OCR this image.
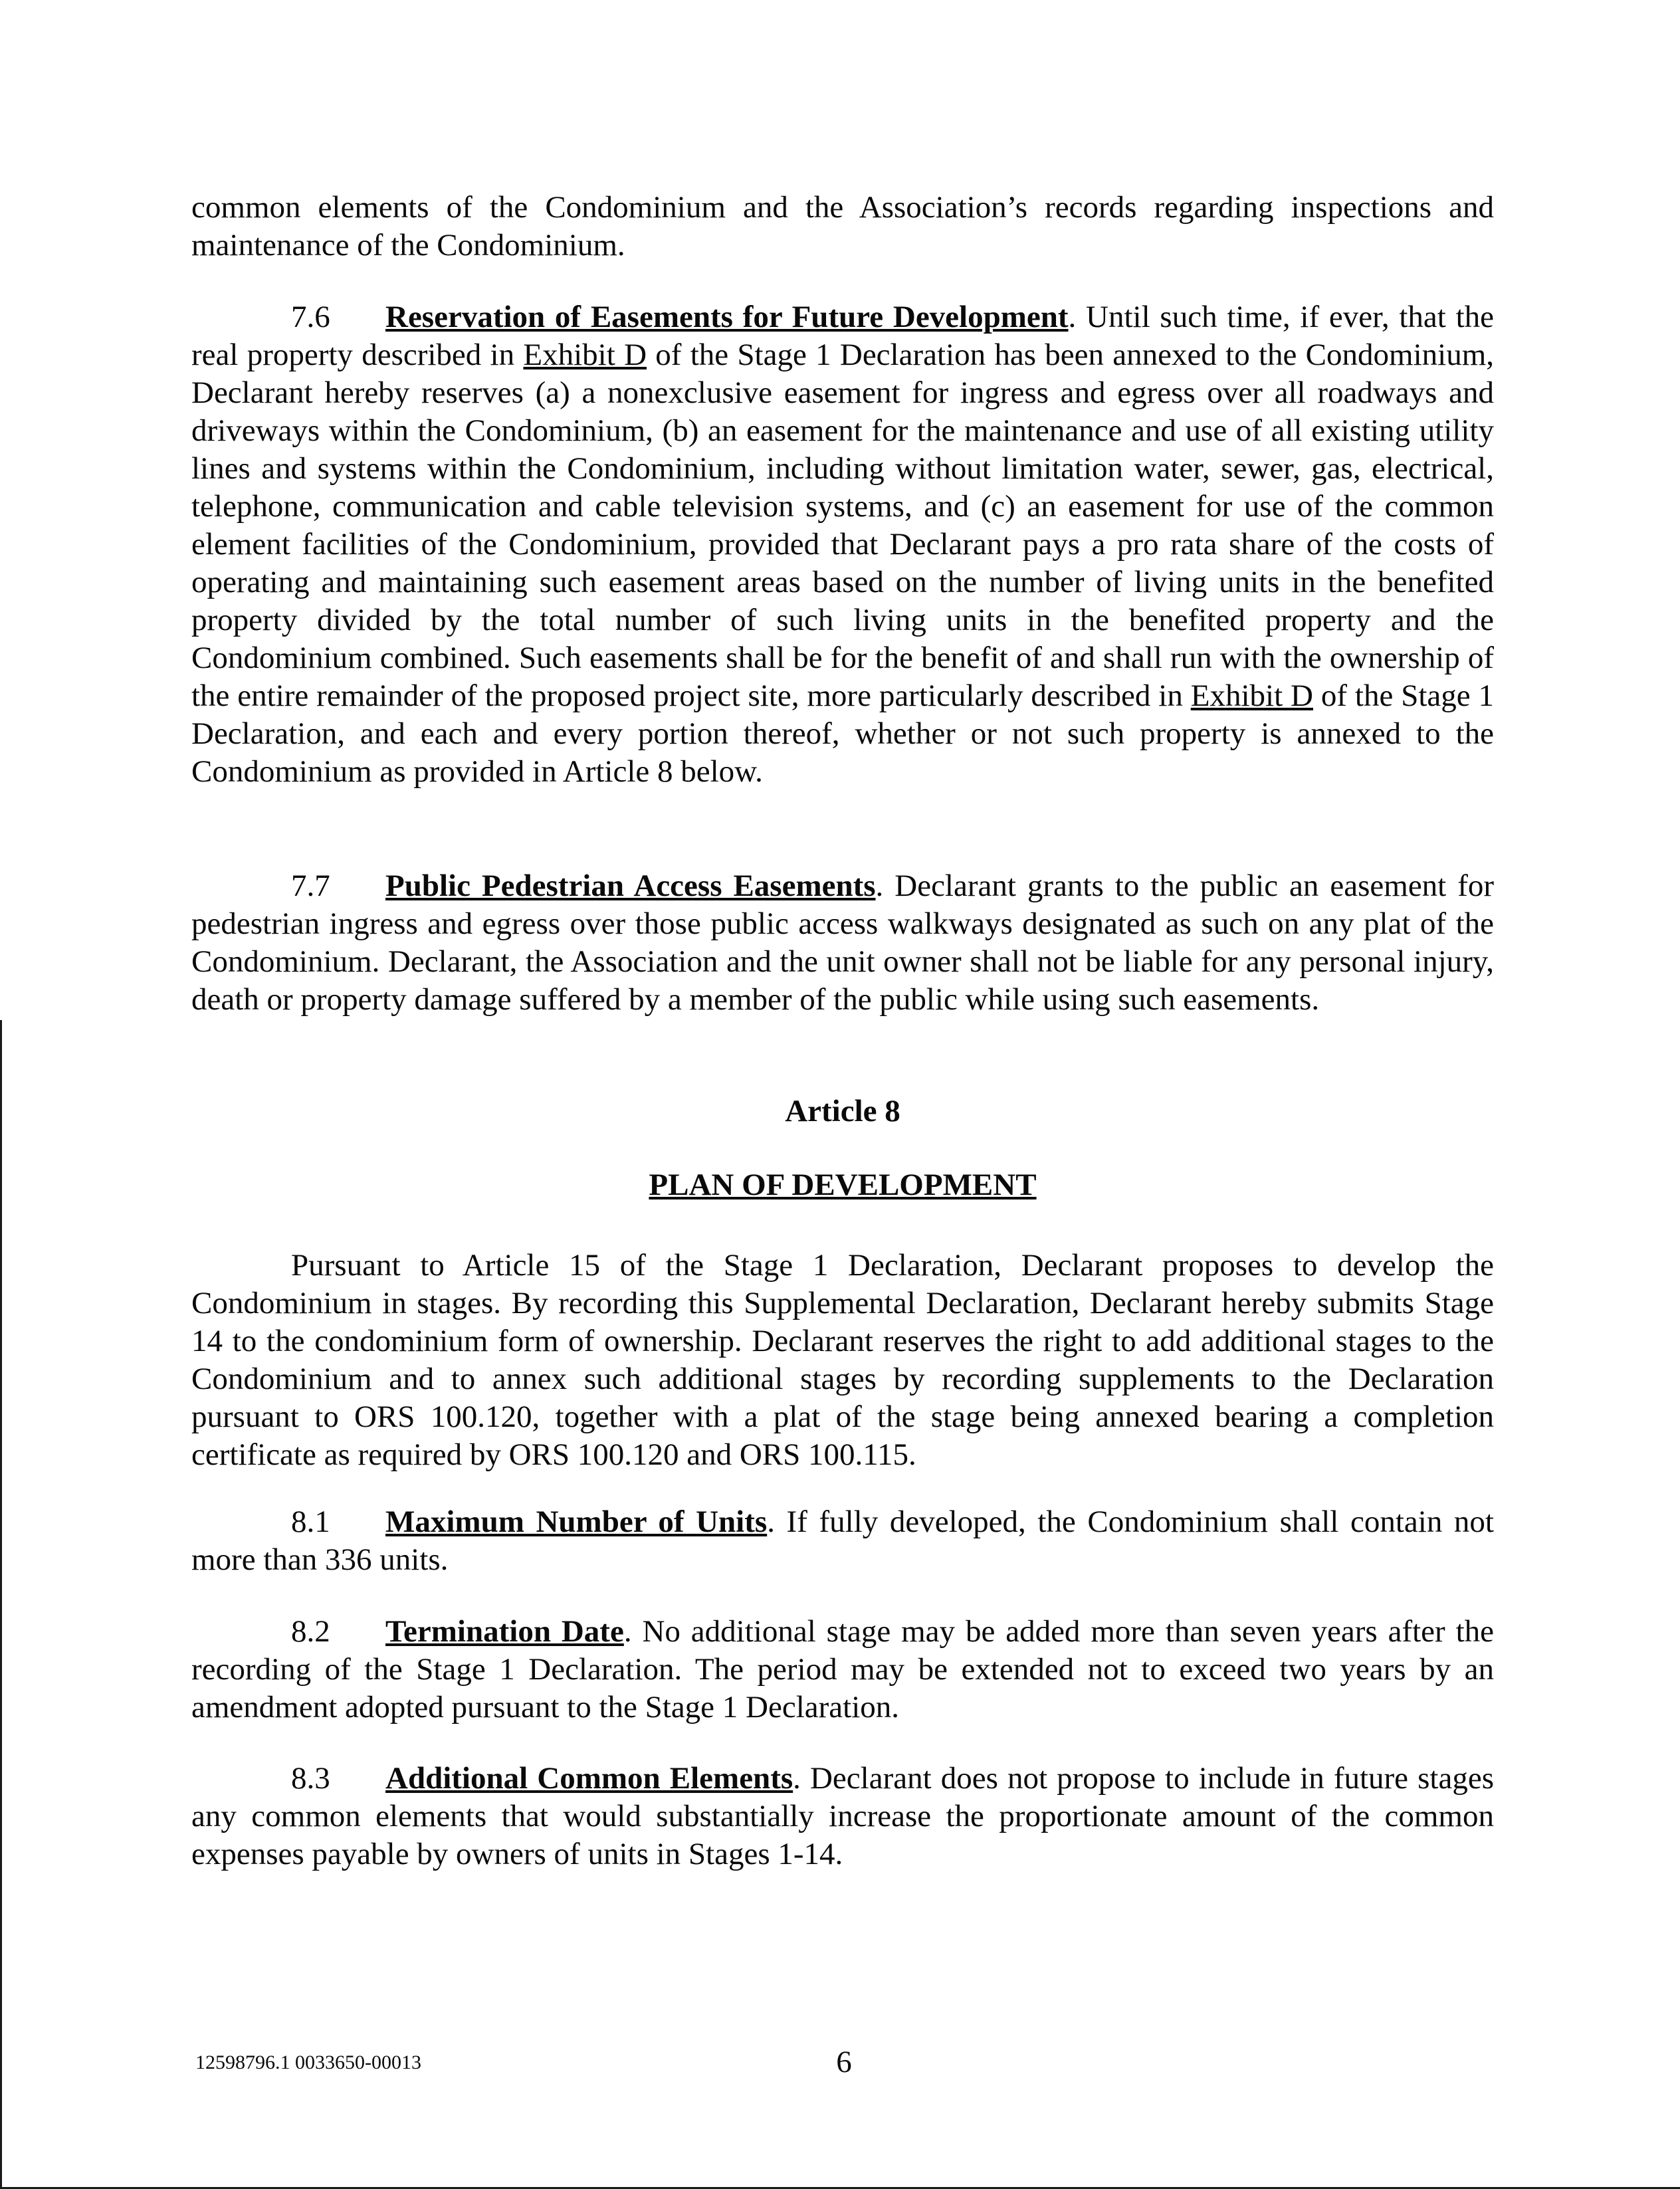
common elements of the Condominium and the Association’s records regarding inspections and maintenance of the Condominium.

7.6 Reservation of Easements for Future Development. Until such time, if ever, that the real property described in Exhibit D of the Stage 1 Declaration has been annexed to the Condominium, Declarant hereby reserves (a) a nonexclusive easement for ingress and egress over all roadways and driveways within the Condominium, (b) an easement for the maintenance and use of all existing utility lines and systems within the Condominium, including without limitation water, sewer, gas, electrical, telephone, communication and cable television systems, and (c) an easement for use of the common element facilities of the Condominium, provided that Declarant pays a pro rata share of the costs of operating and maintaining such easement areas based on the number of living units in the benefited property divided by the total number of such living units in the benefited property and the Condominium combined. Such easements shall be for the benefit of and shall run with the ownership of the entire remainder of the proposed project site, more particularly described in Exhibit D of the Stage 1 Declaration, and each and every portion thereof, whether or not such property is annexed to the Condominium as provided in Article 8 below.

7.7 Public Pedestrian Access Easements. Declarant grants to the public an easement for pedestrian ingress and egress over those public access walkways designated as such on any plat of the Condominium. Declarant, the Association and the unit owner shall not be liable for any personal injury, death or property damage suffered by a member of the public while using such easements.

Article 8
PLAN OF DEVELOPMENT

Pursuant to Article 15 of the Stage 1 Declaration, Declarant proposes to develop the Condominium in stages. By recording this Supplemental Declaration, Declarant hereby submits Stage 14 to the condominium form of ownership. Declarant reserves the right to add additional stages to the Condominium and to annex such additional stages by recording supplements to the Declaration pursuant to ORS 100.120, together with a plat of the stage being annexed bearing a completion certificate as required by ORS 100.120 and ORS 100.115.

8.1 Maximum Number of Units. If fully developed, the Condominium shall contain not more than 336 units.

8.2 Termination Date. No additional stage may be added more than seven years after the recording of the Stage 1 Declaration. The period may be extended not to exceed two years by an amendment adopted pursuant to the Stage 1 Declaration.

8.3 Additional Common Elements. Declarant does not propose to include in future stages any common elements that would substantially increase the proportionate amount of the common expenses payable by owners of units in Stages 1-14.

12598796.1 0033650-00013	6
